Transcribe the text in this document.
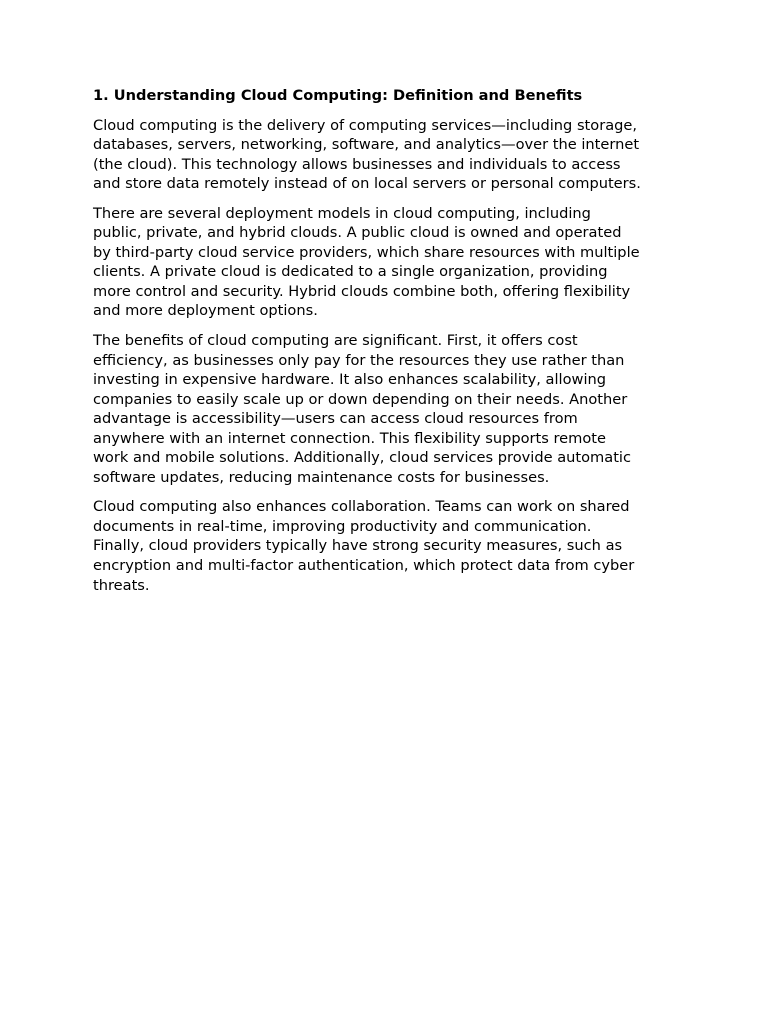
1. Understanding Cloud Computing: Definition and Benefits
Cloud computing is the delivery of computing services—including storage,
databases, servers, networking, software, and analytics—over the internet
(the cloud). This technology allows businesses and individuals to access
and store data remotely instead of on local servers or personal computers.
There are several deployment models in cloud computing, including
public, private, and hybrid clouds. A public cloud is owned and operated
by third-party cloud service providers, which share resources with multiple
clients. A private cloud is dedicated to a single organization, providing
more control and security. Hybrid clouds combine both, offering flexibility
and more deployment options.
The benefits of cloud computing are significant. First, it offers cost
efficiency, as businesses only pay for the resources they use rather than
investing in expensive hardware. It also enhances scalability, allowing
companies to easily scale up or down depending on their needs. Another
advantage is accessibility—users can access cloud resources from
anywhere with an internet connection. This flexibility supports remote
work and mobile solutions. Additionally, cloud services provide automatic
software updates, reducing maintenance costs for businesses.
Cloud computing also enhances collaboration. Teams can work on shared
documents in real-time, improving productivity and communication.
Finally, cloud providers typically have strong security measures, such as
encryption and multi-factor authentication, which protect data from cyber
threats.
